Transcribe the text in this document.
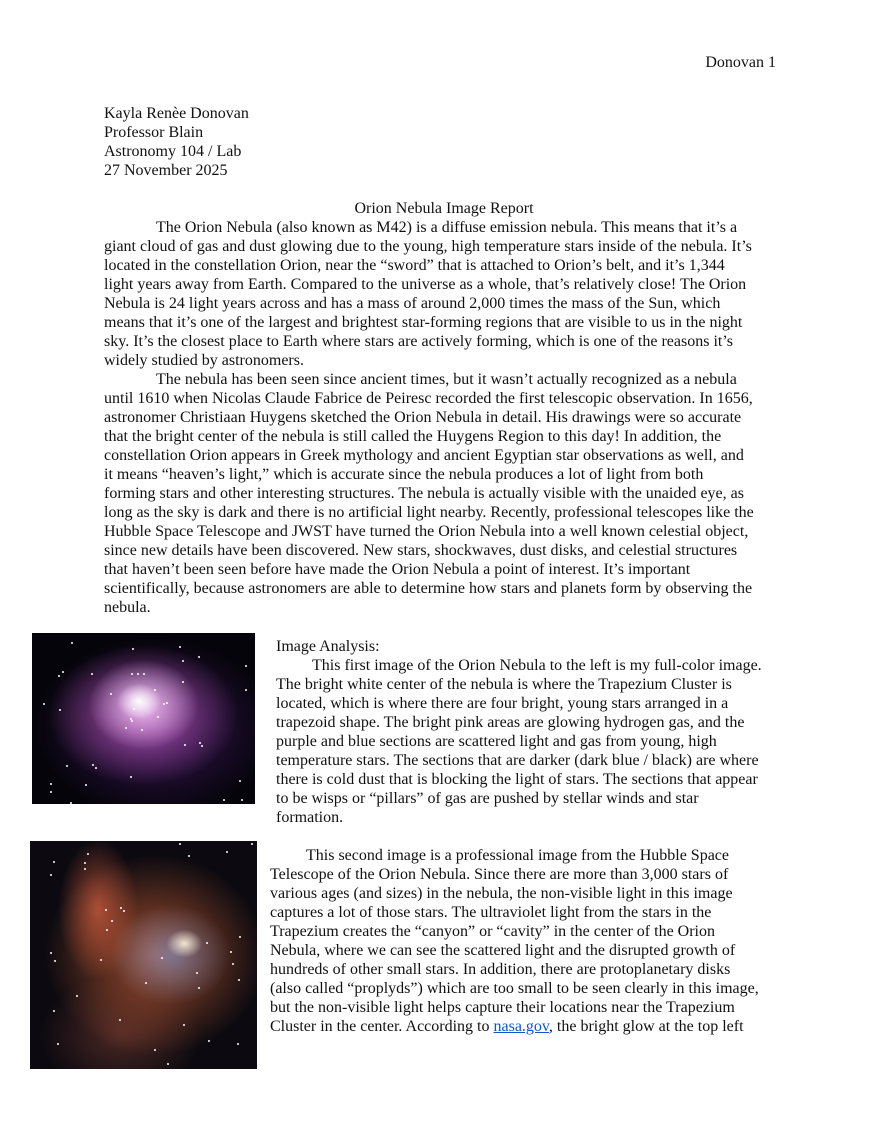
Donovan 1
Kayla Renèe Donovan
Professor Blain
Astronomy 104 / Lab
27 November 2025
Orion Nebula Image Report
The Orion Nebula (also known as M42) is a diffuse emission nebula. This means that it’s a
giant cloud of gas and dust glowing due to the young, high temperature stars inside of the nebula. It’s
located in the constellation Orion, near the “sword” that is attached to Orion’s belt, and it’s 1,344
light years away from Earth. Compared to the universe as a whole, that’s relatively close! The Orion
Nebula is 24 light years across and has a mass of around 2,000 times the mass of the Sun, which
means that it’s one of the largest and brightest star-forming regions that are visible to us in the night
sky. It’s the closest place to Earth where stars are actively forming, which is one of the reasons it’s
widely studied by astronomers.
The nebula has been seen since ancient times, but it wasn’t actually recognized as a nebula
until 1610 when Nicolas Claude Fabrice de Peiresc recorded the first telescopic observation. In 1656,
astronomer Christiaan Huygens sketched the Orion Nebula in detail. His drawings were so accurate
that the bright center of the nebula is still called the Huygens Region to this day! In addition, the
constellation Orion appears in Greek mythology and ancient Egyptian star observations as well, and
it means “heaven’s light,” which is accurate since the nebula produces a lot of light from both
forming stars and other interesting structures. The nebula is actually visible with the unaided eye, as
long as the sky is dark and there is no artificial light nearby. Recently, professional telescopes like the
Hubble Space Telescope and JWST have turned the Orion Nebula into a well known celestial object,
since new details have been discovered. New stars, shockwaves, dust disks, and celestial structures
that haven’t been seen before have made the Orion Nebula a point of interest. It’s important
scientifically, because astronomers are able to determine how stars and planets form by observing the
nebula.
Image Analysis:
This first image of the Orion Nebula to the left is my full-color image.
The bright white center of the nebula is where the Trapezium Cluster is
located, which is where there are four bright, young stars arranged in a
trapezoid shape. The bright pink areas are glowing hydrogen gas, and the
purple and blue sections are scattered light and gas from young, high
temperature stars. The sections that are darker (dark blue / black) are where
there is cold dust that is blocking the light of stars. The sections that appear
to be wisps or “pillars” of gas are pushed by stellar winds and star
formation.
This second image is a professional image from the Hubble Space
Telescope of the Orion Nebula. Since there are more than 3,000 stars of
various ages (and sizes) in the nebula, the non-visible light in this image
captures a lot of those stars. The ultraviolet light from the stars in the
Trapezium creates the “canyon” or “cavity” in the center of the Orion
Nebula, where we can see the scattered light and the disrupted growth of
hundreds of other small stars. In addition, there are protoplanetary disks
(also called “proplyds”) which are too small to be seen clearly in this image,
but the non-visible light helps capture their locations near the Trapezium
Cluster in the center. According to nasa.gov, the bright glow at the top left
